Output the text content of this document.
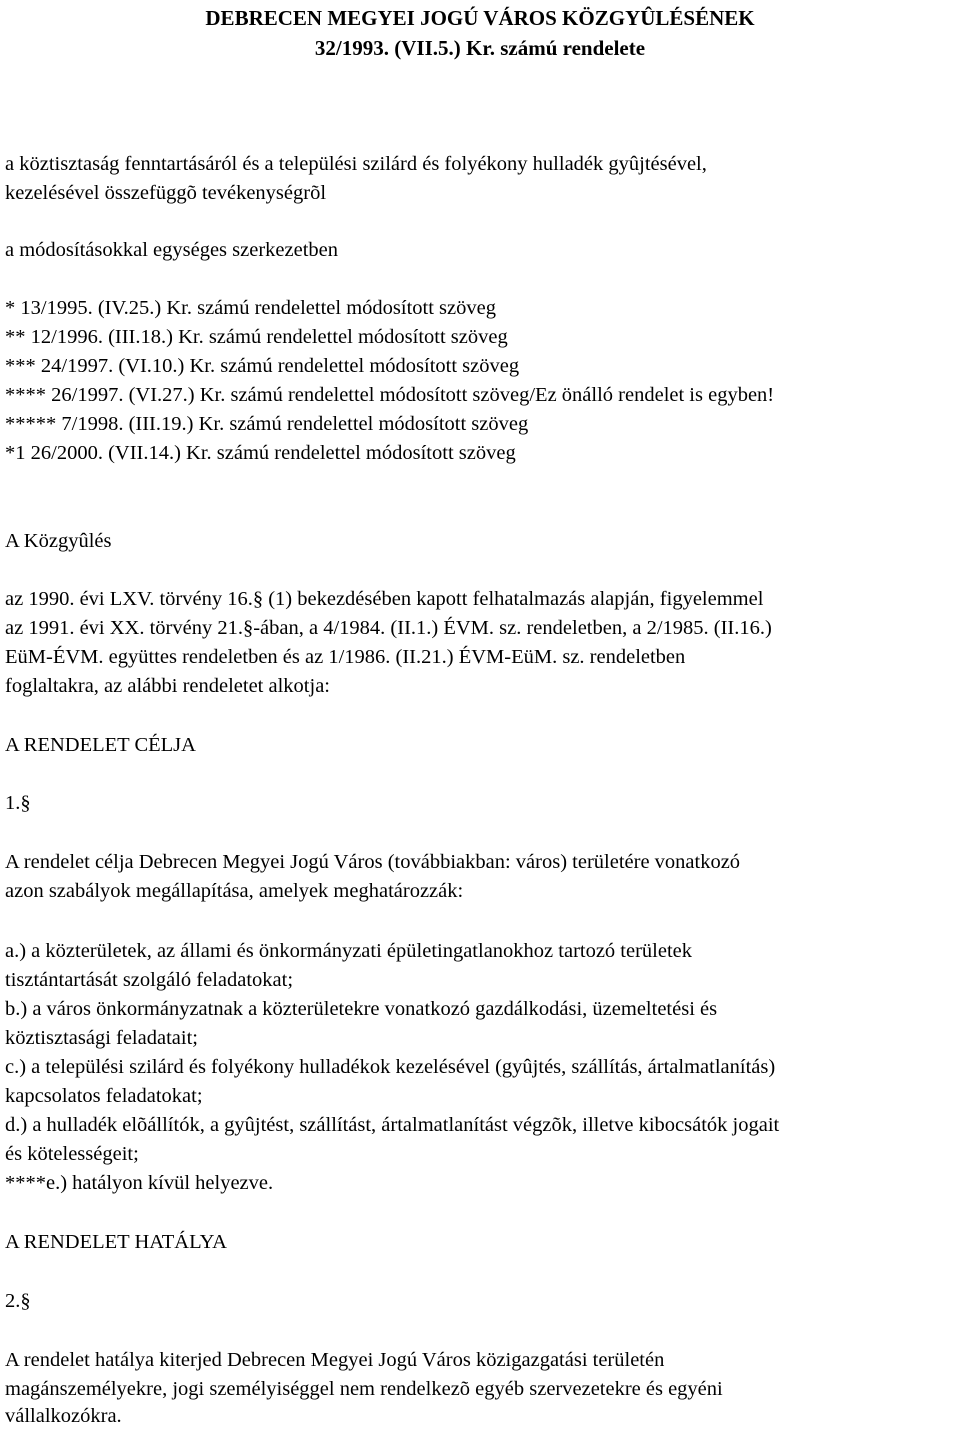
DEBRECEN MEGYEI JOGÚ VÁROS KÖZGYÛLÉSÉNEK
32/1993. (VII.5.) Kr. számú rendelete
a köztisztaság fenntartásáról és a települési szilárd és folyékony hulladék gyûjtésével,
kezelésével összefüggõ tevékenységrõl
a módosításokkal egységes szerkezetben
* 13/1995. (IV.25.) Kr. számú rendelettel módosított szöveg
** 12/1996. (III.18.) Kr. számú rendelettel módosított szöveg
*** 24/1997. (VI.10.) Kr. számú rendelettel módosított szöveg
**** 26/1997. (VI.27.) Kr. számú rendelettel módosított szöveg/Ez önálló rendelet is egyben!
***** 7/1998. (III.19.) Kr. számú rendelettel módosított szöveg
*1 26/2000. (VII.14.) Kr. számú rendelettel módosított szöveg
A Közgyûlés
az 1990. évi LXV. törvény 16.§ (1) bekezdésében kapott felhatalmazás alapján, figyelemmel
az 1991. évi XX. törvény 21.§-ában, a 4/1984. (II.1.) ÉVM. sz. rendeletben, a 2/1985. (II.16.)
EüM-ÉVM. együttes rendeletben és az 1/1986. (II.21.) ÉVM-EüM. sz. rendeletben
foglaltakra, az alábbi rendeletet alkotja:
A RENDELET CÉLJA
1.§
A rendelet célja Debrecen Megyei Jogú Város (továbbiakban: város) területére vonatkozó
azon szabályok megállapítása, amelyek meghatározzák:
a.) a közterületek, az állami és önkormányzati épületingatlanokhoz tartozó területek
tisztántartását szolgáló feladatokat;
b.) a város önkormányzatnak a közterületekre vonatkozó gazdálkodási, üzemeltetési és
köztisztasági feladatait;
c.) a települési szilárd és folyékony hulladékok kezelésével (gyûjtés, szállítás, ártalmatlanítás)
kapcsolatos feladatokat;
d.) a hulladék elõállítók, a gyûjtést, szállítást, ártalmatlanítást végzõk, illetve kibocsátók jogait
és kötelességeit;
****e.) hatályon kívül helyezve.
A RENDELET HATÁLYA
2.§
A rendelet hatálya kiterjed Debrecen Megyei Jogú Város közigazgatási területén
magánszemélyekre, jogi személyiséggel nem rendelkezõ egyéb szervezetekre és egyéni
vállalkozókra.
